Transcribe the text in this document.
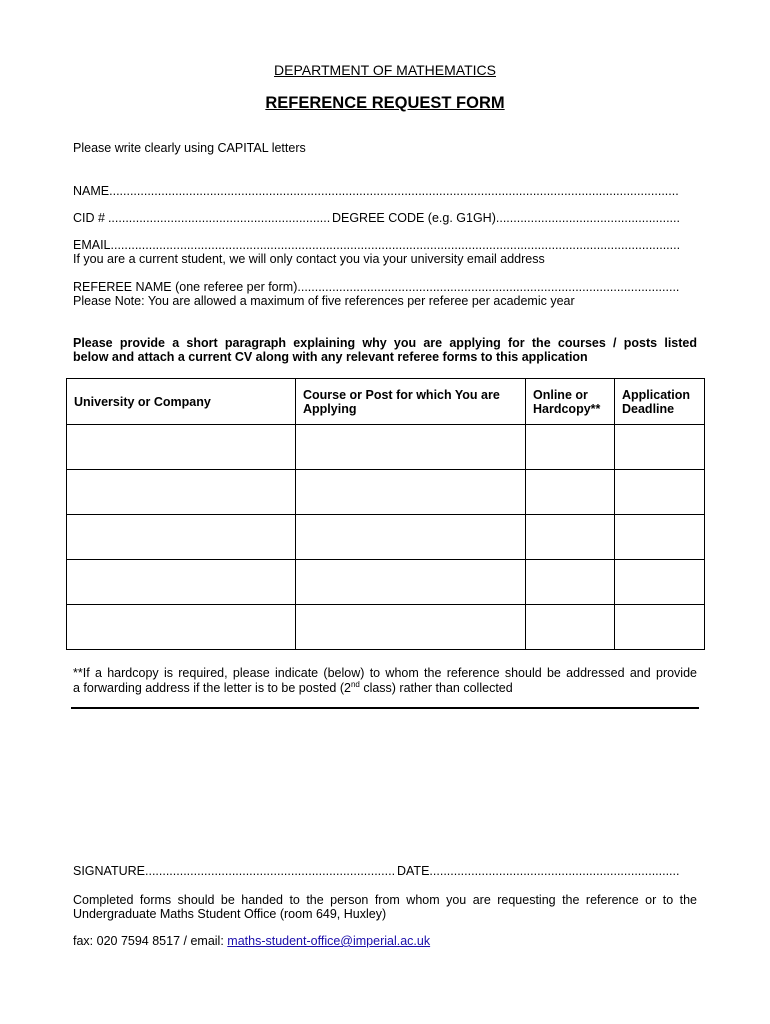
DEPARTMENT OF MATHEMATICS
REFERENCE REQUEST FORM
Please write clearly using CAPITAL letters
NAME
.....
CID # .....	DEGREE CODE (e.g. G1GH)
.....
EMAIL
.....
If you are a current student, we will only contact you via your university email address
REFEREE NAME (one referee per form)
.....
Please Note: You are allowed a maximum of five references per referee per academic year
Please provide a short paragraph explaining why you are applying for the courses / posts listed
below and attach a current CV along with any relevant referee forms to this application
University or Company	Course or Post for which You are Applying	Online or Hardcopy**	Application Deadline

**If a hardcopy is required, please indicate (below) to whom the reference should be addressed and provide
a forwarding address if the letter is to be posted (2nd class) rather than collected
SIGNATURE .....	DATE
.....
Completed forms should be handed to the person from whom you are requesting the reference or to the
Undergraduate Maths Student Office (room 649, Huxley)
fax: 020 7594 8517 / email: maths-student-office@imperial.ac.uk
